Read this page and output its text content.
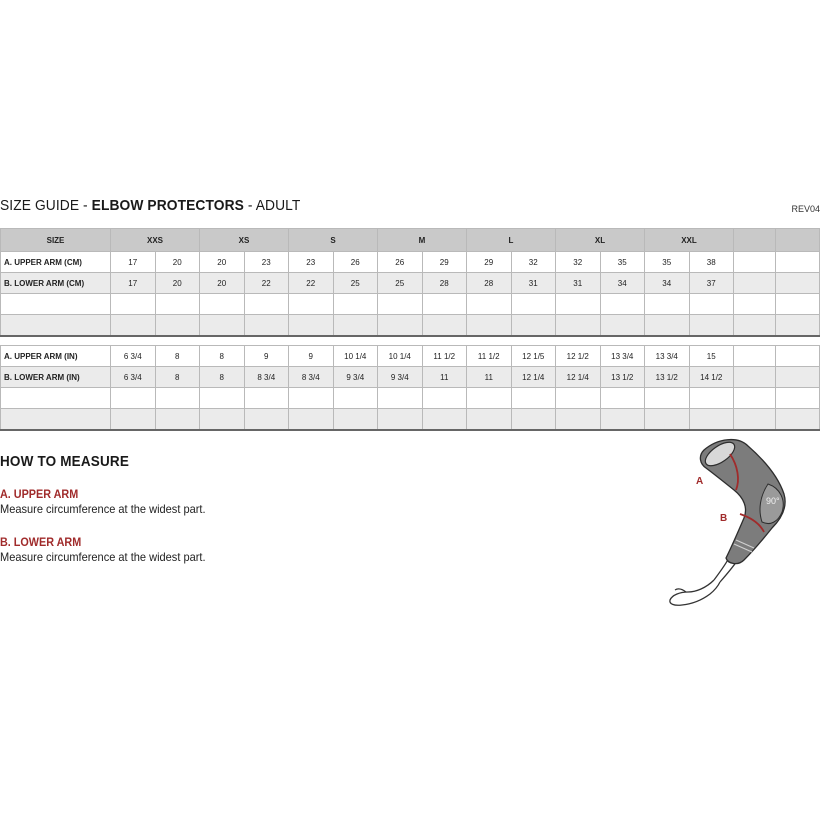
SIZE GUIDE - ELBOW PROTECTORS - ADULT	REV04
SIZE	XXS		XS		S		M		L		XL		XXL			
A. UPPER ARM (CM)	17	20	20	23	23	26	26	29	29	32	32	35	35	38		
B. LOWER ARM (CM)	17	20	20	22	22	25	25	28	28	31	31	34	34	37		

A. UPPER ARM (IN)	6 3/4	8	8	9	9	10 1/4	10 1/4	11 1/2	11 1/2	12 1/5	12 1/2	13 3/4	13 3/4	15		
B. LOWER ARM (IN)	6 3/4	8	8	8 3/4	8 3/4	9 3/4	9 3/4	11	11	12 1/4	12 1/4	13 1/2	13 1/2	14 1/2		

HOW TO MEASURE
A. UPPER ARM
Measure circumference at the widest part.
B. LOWER ARM
Measure circumference at the widest part.
90°
A
B
